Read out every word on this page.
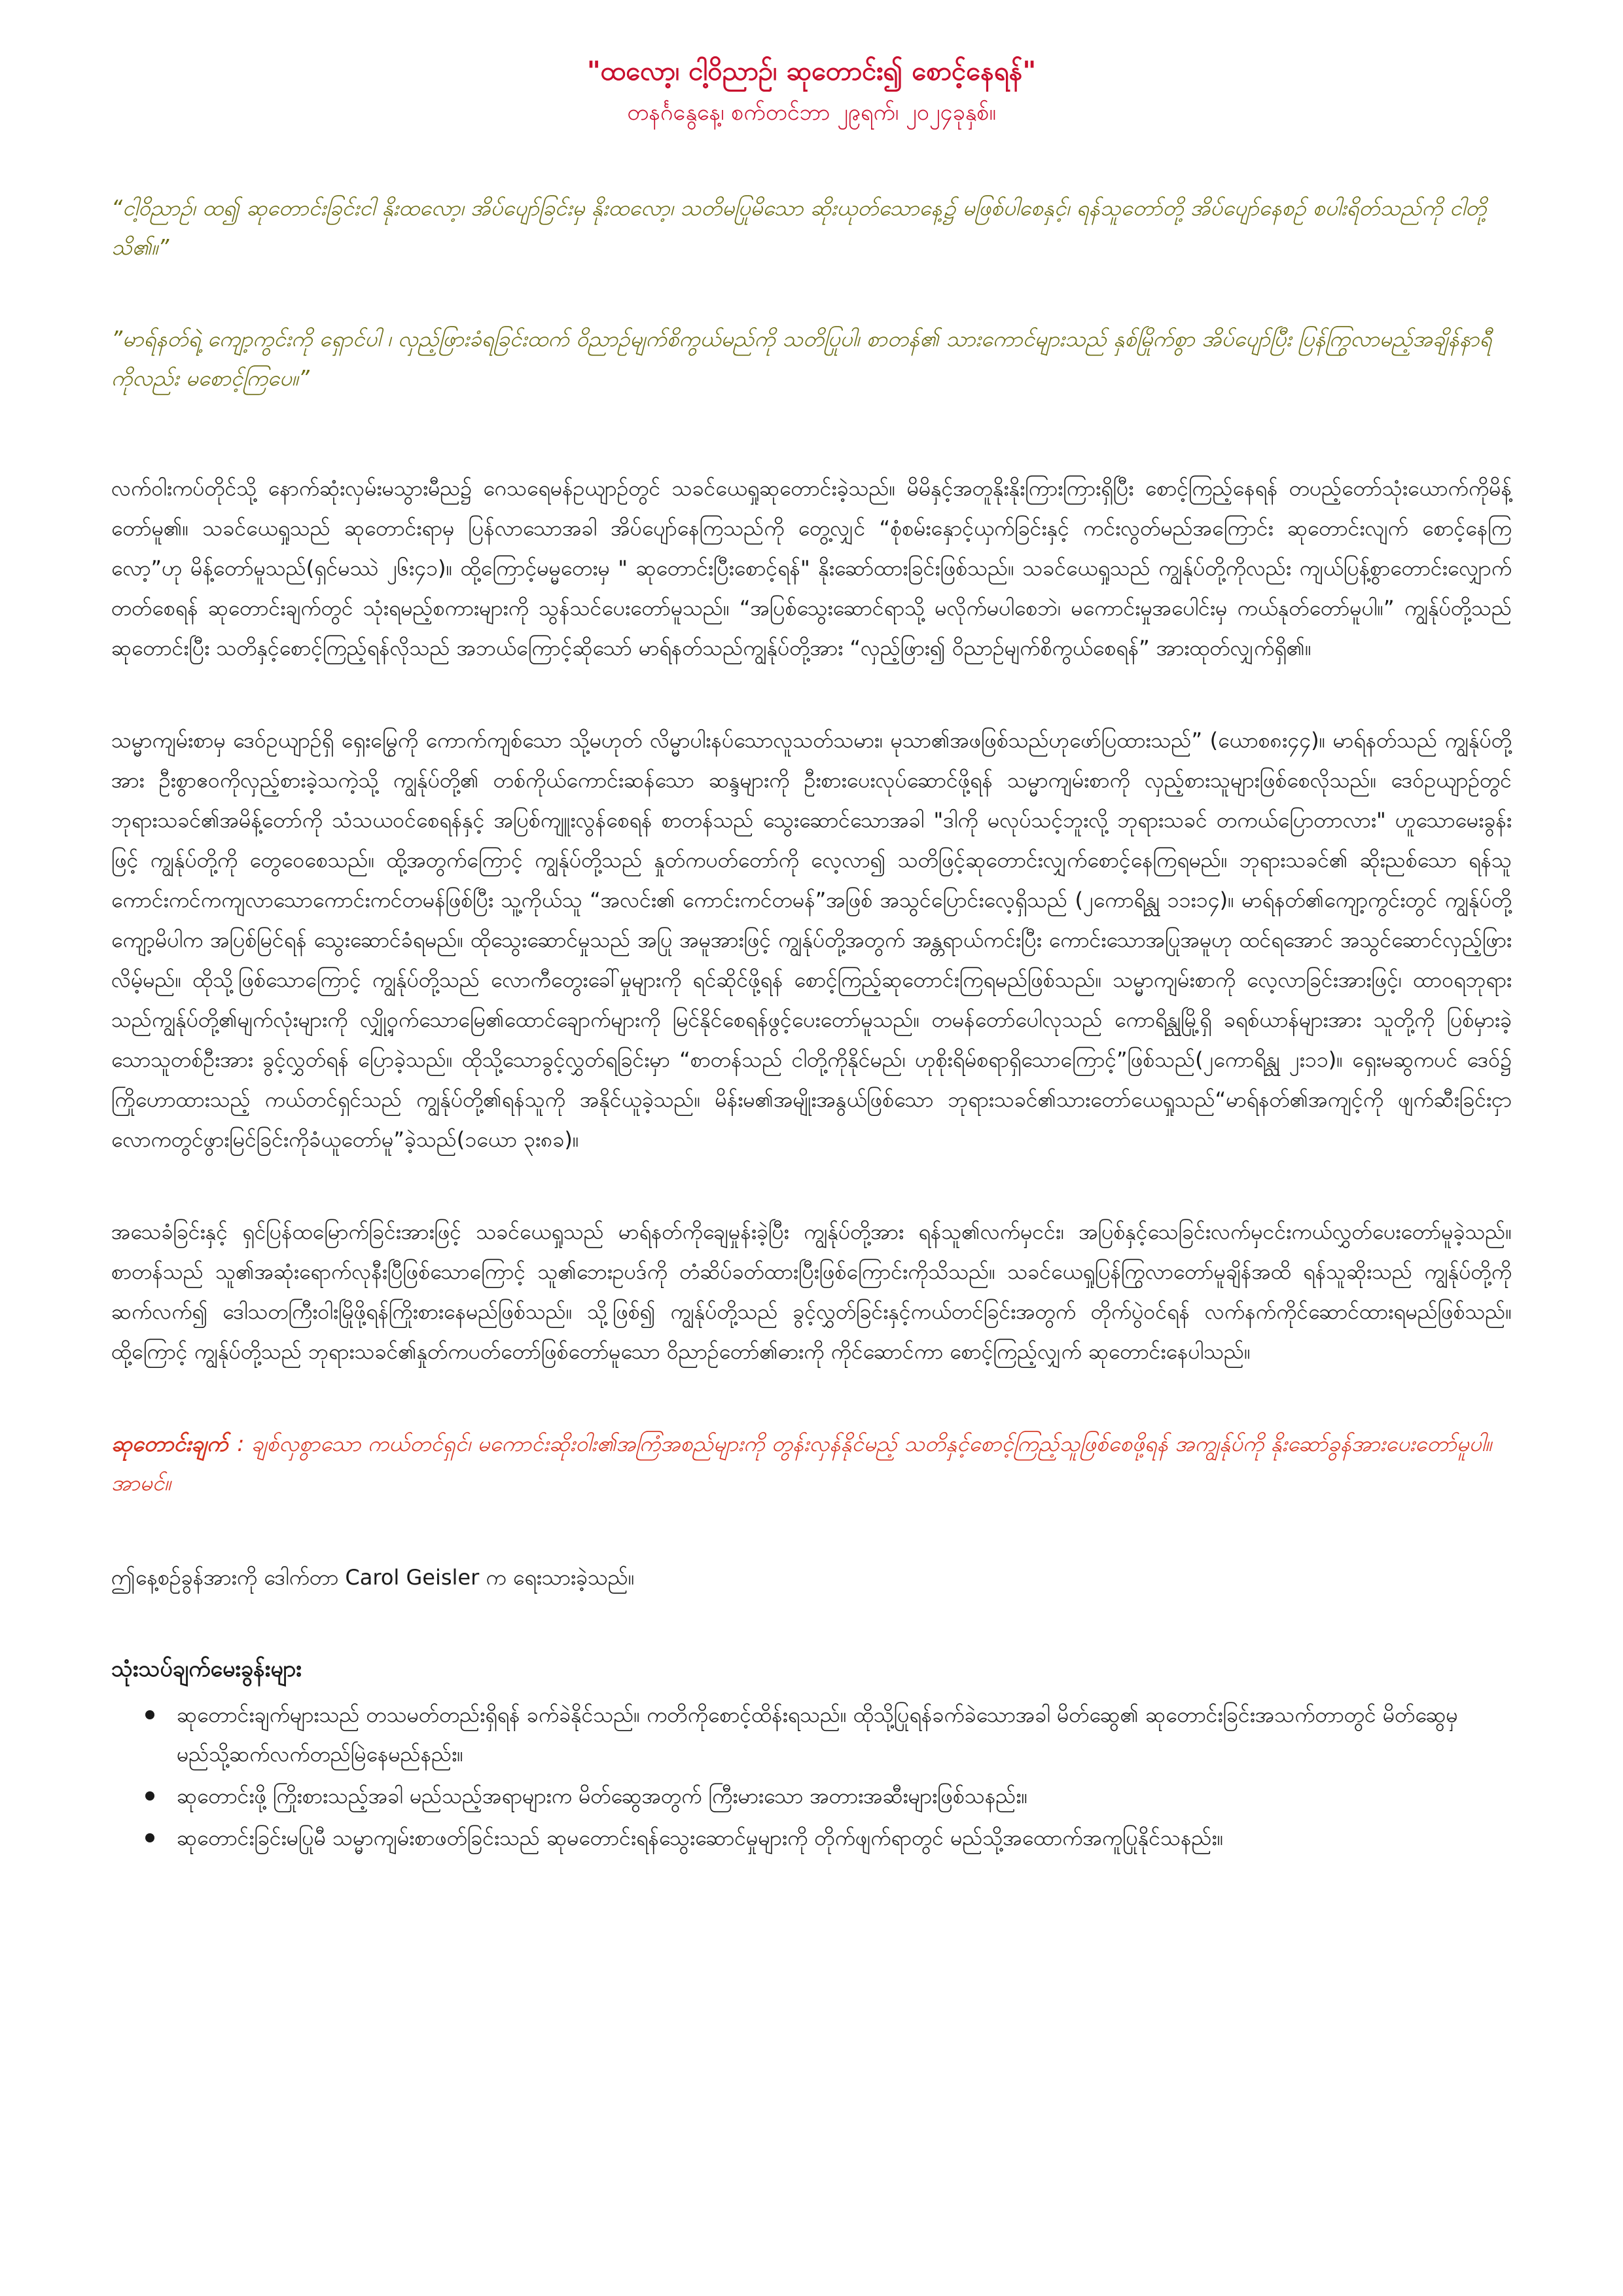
"ထလော့၊ ငါ့ဝိညာဉ်၊ ဆုတောင်း၍ စောင့်နေရန်"

တနင်္ဂနွေနေ့၊ စက်တင်ဘာ ၂၉ရက်၊ ၂၀၂၄ခုနှစ်။

“ငါ့ဝိညာဉ်၊ ထ၍ ဆုတောင်းခြင်းငါ နိုးထလော့၊ အိပ်ပျော်ခြင်းမှ နိုးထလော့၊ သတိမပြုမိသော ဆိုးယုတ်သောနေ့၌ မဖြစ်ပါစေနှင့်၊ ရန်သူတော်တို့ အိပ်ပျော်နေစဉ် စပါးရိတ်သည်ကို ငါတို့သိ၏။”

”မာရ်နတ်ရဲ့ ကျော့ကွင်းကို ရှောင်ပါ ၊ လှည့်ဖြားခံရခြင်းထက် ဝိညာဉ်မျက်စိကွယ်မည်ကို သတိပြုပါ၊ စာတန်၏ သားကောင်များသည် နှစ်မြိုက်စွာ အိပ်ပျော်ပြီး ပြန်ကြွလာမည့်အချိန်နာရီကိုလည်း မစောင့်ကြပေ။”

လက်ဝါးကပ်တိုင်သို့ နောက်ဆုံးလှမ်းမသွားမီည၌ ဂေသရေမန်ဥယျာဉ်တွင် သခင်ယေရှုဆုတောင်းခဲ့သည်။ မိမိနှင့်အတူနိုးနိုးကြားကြားရှိပြီး စောင့်ကြည့်နေရန် တပည့်တော်သုံးယောက်ကိုမိန့်တော်မူ၏။ သခင်ယေရှုသည် ဆုတောင်းရာမှ ပြန်လာသောအခါ အိပ်ပျော်နေကြသည်ကို တွေ့လျှင် “စုံစမ်းနှောင့်ယှက်ခြင်းနှင့် ကင်းလွတ်မည်အကြောင်း ဆုတောင်းလျက် စောင့်နေကြလော့”ဟု မိန့်တော်မူသည်(ရှင်မဿဲ ၂၆း၄၁)။ ထို့ကြောင့်မမ္မတေးမှ " ဆုတောင်းပြီးစောင့်ရန်" နိုးဆော်ထားခြင်းဖြစ်သည်။ သခင်ယေရှုသည် ကျွန်ုပ်တို့ကိုလည်း ကျယ်ပြန့်စွာတောင်းလျှောက်တတ်စေရန် ဆုတောင်းချက်တွင် သုံးရမည့်စကားများကို သွန်သင်ပေးတော်မူသည်။ “အပြစ်သွေးဆောင်ရာသို့ မလိုက်မပါစေဘဲ၊ မကောင်းမှုအပေါင်းမှ ကယ်နုတ်တော်မူပါ။” ကျွန်ုပ်တို့သည်ဆုတောင်းပြီး သတိနှင့်စောင့်ကြည့်ရန်လိုသည် အဘယ်ကြောင့်ဆိုသော် မာရ်နတ်သည်ကျွန်ုပ်တို့အား “လှည့်ဖြား၍ ဝိညာဉ်မျက်စိကွယ်စေရန်” အားထုတ်လျှက်ရှိ၏။

သမ္မာကျမ်းစာမှ ဒေဝ်ဥယျာဉ်ရှိ ရှေးမြွေကို ကောက်ကျစ်သော သို့မဟုတ် လိမ္မာပါးနပ်သောလူသတ်သမား၊ မုသာ၏အဖဖြစ်သည်ဟုဖော်ပြထားသည်” (ယောစ၈း၄၄)။ မာရ်နတ်သည် ကျွန်ုပ်တို့အား ဦးစွာဧဝကိုလှည့်စားခဲ့သကဲ့သို့ ကျွန်ုပ်တို့၏ တစ်ကိုယ်ကောင်းဆန်သော ဆန္ဒများကို ဦးစားပေးလုပ်ဆောင်ဖို့ရန် သမ္မာကျမ်းစာကို လှည့်စားသူများဖြစ်စေလိုသည်။ ဒေဝ်ဥယျာဉ်တွင် ဘုရားသခင်၏အမိန့်တော်ကို သံသယဝင်စေရန်နှင့် အပြစ်ကျူးလွန်စေရန် စာတန်သည် သွေးဆောင်သောအခါ "ဒါကို မလုပ်သင့်ဘူးလို့ ဘုရားသခင် တကယ်ပြောတာလား" ဟူသောမေးခွန်းဖြင့် ကျွန်ုပ်တို့ကို တွေဝေစေသည်။ ထို့အတွက်ကြောင့် ကျွန်ုပ်တို့သည် နှုတ်ကပတ်တော်ကို လေ့လာ၍ သတိဖြင့်ဆုတောင်းလျှက်စောင့်နေကြရမည်။ ဘုရားသခင်၏ ဆိုးညစ်သော ရန်သူ ကောင်းကင်ကကျလာသောကောင်းကင်တမန်ဖြစ်ပြီး သူ့ကိုယ်သူ “အလင်း၏ ကောင်းကင်တမန်”အဖြစ် အသွင်ပြောင်းလေ့ရှိသည် (၂ကောရိန္သု ၁၁း၁၄)။ မာရ်နတ်၏ကျော့ကွင်းတွင် ကျွန်ုပ်တို့ကျော့မိပါက အပြစ်မြင်ရန် သွေးဆောင်ခံရမည်။ ထိုသွေးဆောင်မှုသည် အပြု အမူအားဖြင့် ကျွန်ုပ်တို့အတွက် အန္တရာယ်ကင်းပြီး ကောင်းသောအပြုအမူဟု ထင်ရအောင် အသွင်ဆောင်လှည့်ဖြားလိမ့်မည်။ ထိုသို့ဖြစ်သောကြောင့် ကျွန်ုပ်တို့သည် လောကီတွေးခေါ်မှုများကို ရင်ဆိုင်ဖို့ရန် စောင့်ကြည့်ဆုတောင်းကြရမည်ဖြစ်သည်။ သမ္မာကျမ်းစာကို လေ့လာခြင်းအားဖြင့်၊ ထာဝရဘုရားသည်ကျွန်ုပ်တို့၏မျက်လုံးများကို လျှို့ဝှက်သောမြေ၏ထောင်ချောက်များကို မြင်နိုင်စေရန်ဖွင့်ပေးတော်မူသည်။ တမန်တော်ပေါလုသည် ကောရိန္သုမြို့ရှိ ခရစ်ယာန်များအား သူတို့ကို ပြစ်မှားခဲ့သောသူတစ်ဦးအား ခွင့်လွှတ်ရန် ပြောခဲ့သည်။ ထိုသို့သောခွင့်လွှတ်ရခြင်းမှာ “စာတန်သည် ငါတို့ကိုနိုင်မည်၊ ဟုစိုးရိမ်စရာရှိသောကြောင့်”ဖြစ်သည်(၂ကောရိန္သု ၂း၁၁)။ ရှေးမဆွကပင် ဒေဝ်၌ ကြိုဟောထားသည့် ကယ်တင်ရှင်သည် ကျွန်ုပ်တို့၏ရန်သူကို အနိုင်ယူခဲ့သည်။ မိန်းမ၏အမျိုးအနွယ်ဖြစ်သော ဘုရားသခင်၏သားတော်ယေရှုသည်“မာရ်နတ်၏အကျင့်ကို ဖျက်ဆီးခြင်းငှာ လောကတွင်ဖွားမြင်ခြင်းကိုခံယူတော်မူ”ခဲ့သည်(၁ယော ၃း၈ခ)။

အသေခံခြင်းနှင့် ရှင်ပြန်ထမြောက်ခြင်းအားဖြင့် သခင်ယေရှုသည် မာရ်နတ်ကိုချေမှုန်းခဲ့ပြီး ကျွန်ုပ်တို့အား ရန်သူ၏လက်မှငင်း၊ အပြစ်နှင့်သေခြင်းလက်မှငင်းကယ်လွှတ်ပေးတော်မူခဲ့သည်။ စာတန်သည် သူ၏အဆုံးရောက်လုနီးပြီဖြစ်သောကြောင့် သူ၏ဘေးဥပဒ်ကို တံဆိပ်ခတ်ထားပြီးဖြစ်ကြောင်းကိုသိသည်။ သခင်ယေရှုပြန်ကြွလာတော်မူချိန်အထိ ရန်သူဆိုးသည် ကျွန်ုပ်တို့ကိုဆက်လက်၍ ဒေါသတကြီးဝါးမြိုဖို့ရန်ကြိုးစားနေမည်ဖြစ်သည်။ သို့ဖြစ်၍ ကျွန်ုပ်တို့သည် ခွင့်လွှတ်ခြင်းနှင့်ကယ်တင်ခြင်းအတွက် တိုက်ပွဲဝင်ရန် လက်နက်ကိုင်ဆောင်ထားရမည်ဖြစ်သည်။ ထို့ကြောင့် ကျွန်ုပ်တို့သည် ဘုရားသခင်၏နှုတ်ကပတ်တော်ဖြစ်တော်မူသော ဝိညာဉ်တော်၏ဓားကို ကိုင်ဆောင်ကာ စောင့်ကြည့်လျှက် ဆုတောင်းနေပါသည်။

ဆုတောင်းချက် : ချစ်လှစွာသော ကယ်တင်ရှင်၊ မကောင်းဆိုးဝါး၏အကြံအစည်များကို တွန်းလှန်နိုင်မည့် သတိနှင့်စောင့်ကြည့်သူဖြစ်စေဖို့ရန် အကျွန်ုပ်ကို နိုးဆော်ခွန်အားပေးတော်မူပါ။ အာမင်။

ဤနေ့စဉ်ခွန်အားကို ဒေါက်တာ Carol Geisler က ရေးသားခဲ့သည်။

သုံးသပ်ချက်မေးခွန်းများ

ဆုတောင်းချက်များသည် တသမတ်တည်းရှိရန် ခက်ခဲနိုင်သည်။ ကတိကိုစောင့်ထိန်းရသည်။ ထိုသို့ပြုရန်ခက်ခဲသောအခါ မိတ်ဆွေ၏ ဆုတောင်းခြင်းအသက်တာတွင် မိတ်ဆွေမှ မည်သို့ဆက်လက်တည်မြဲနေမည်နည်း။
ဆုတောင်းဖို့ ကြိုးစားသည့်အခါ မည်သည့်အရာများက မိတ်ဆွေအတွက် ကြီးမားသော အတားအဆီးများဖြစ်သနည်း။
ဆုတောင်းခြင်းမပြုမီ သမ္မာကျမ်းစာဖတ်ခြင်းသည် ဆုမတောင်းရန်သွေးဆောင်မှုများကို တိုက်ဖျက်ရာတွင် မည်သို့အထောက်အကူပြုနိုင်သနည်း။
